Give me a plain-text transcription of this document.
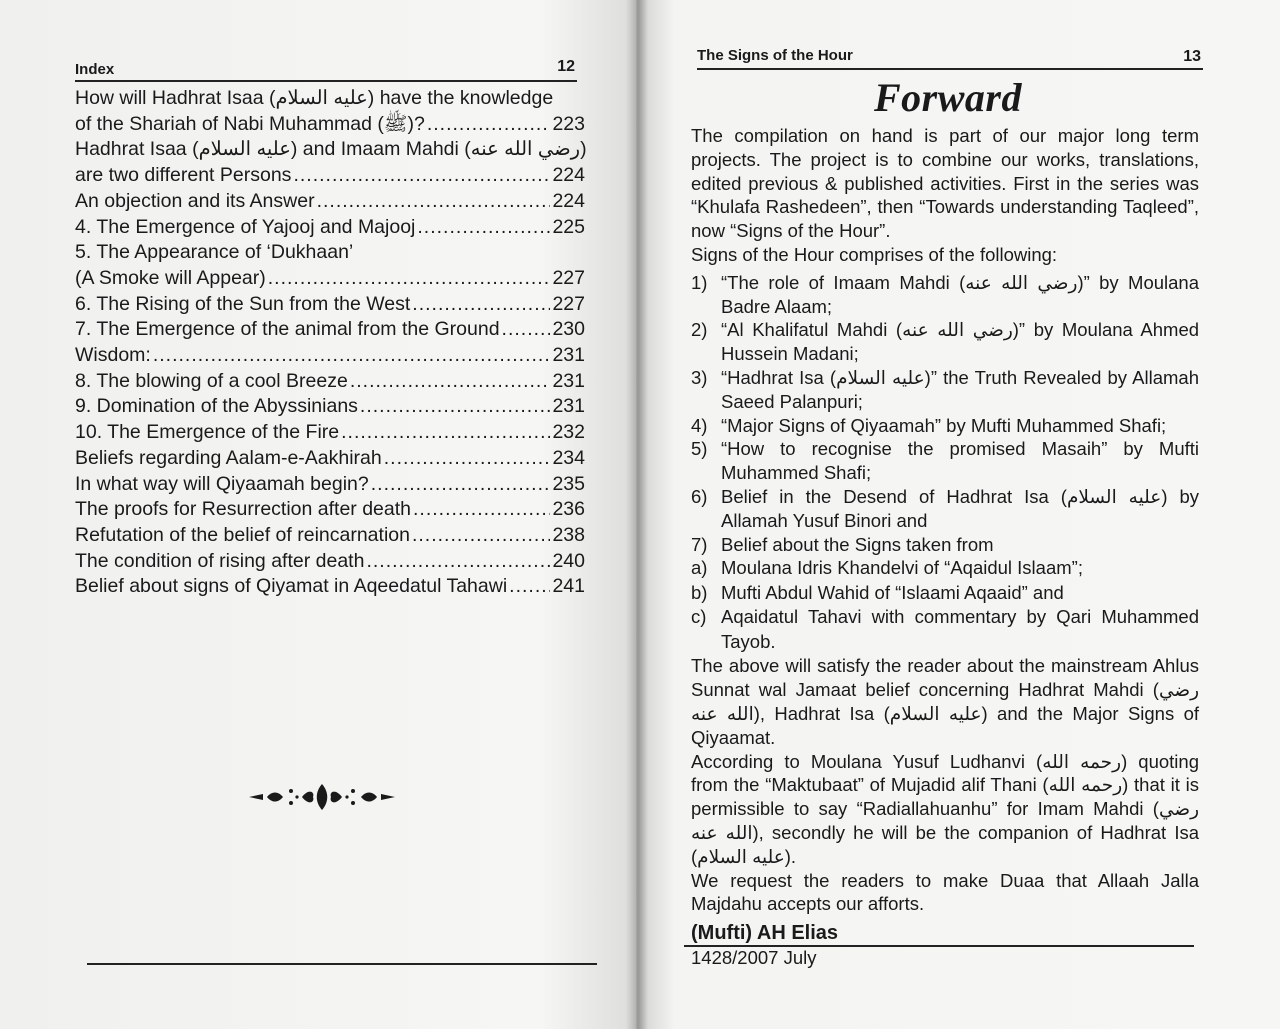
Index	12
How will Hadhrat Isaa (عليه السلام) have the knowledge
of the Shariah of Nabi Muhammad (ﷺ)? .....	223
Hadhrat Isaa (عليه السلام) and Imaam Mahdi (رضي الله عنه)
are two different Persons .....	224
An objection and its Answer .....	224
4. The Emergence of Yajooj and Majooj .....	225
5. The Appearance of ‘Dukhaan’
(A Smoke will Appear) .....	227
6. The Rising of the Sun from the West .....	227
7. The Emergence of the animal from the Ground .....	230
Wisdom: .....	231
8. The blowing of a cool Breeze .....	231
9. Domination of the Abyssinians .....	231
10. The Emergence of the Fire .....	232
Beliefs regarding Aalam-e-Aakhirah .....	234
In what way will Qiyaamah begin? .....	235
The proofs for Resurrection after death .....	236
Refutation of the belief of reincarnation .....	238
The condition of rising after death .....	240
Belief about signs of Qiyamat in Aqeedatul Tahawi ..... 241
The Signs of the Hour	13
Forward

The compilation on hand is part of our major long term projects. The project is to combine our works, translations, edited previous & published activities. First in the series was “Khulafa Rashedeen”, then “Towards understanding Taqleed”, now “Signs of the Hour”.

Signs of the Hour comprises of the following:

1) “The role of Imaam Mahdi (رضي الله عنه)” by Moulana Badre Alaam;
2) “Al Khalifatul Mahdi (رضي الله عنه)” by Moulana Ahmed Hussein Madani;
3) “Hadhrat Isa (عليه السلام)” the Truth Revealed by Allamah Saeed Palanpuri;
4) “Major Signs of Qiyaamah” by Mufti Muhammed Shafi;
5) “How to recognise the promised Masaih” by Mufti Muhammed Shafi;
6) Belief in the Desend of Hadhrat Isa (عليه السلام) by Allamah Yusuf Binori and
7) Belief about the Signs taken from
a) Moulana Idris Khandelvi of “Aqaidul Islaam”;
b) Mufti Abdul Wahid of “Islaami Aqaaid” and
c) Aqaidatul Tahavi with commentary by Qari Muhammed Tayob.

The above will satisfy the reader about the mainstream Ahlus Sunnat wal Jamaat belief concerning Hadhrat Mahdi (رضي الله عنه), Hadhrat Isa (عليه السلام) and the Major Signs of Qiyaamat.

According to Moulana Yusuf Ludhanvi (رحمه الله) quoting from the “Maktubaat” of Mujadid alif Thani (رحمه الله) that it is permissible to say “Radiallahuanhu” for Imam Mahdi (رضي الله عنه), secondly he will be the companion of Hadhrat Isa (عليه السلام).

We request the readers to make Duaa that Allaah Jalla Majdahu accepts our afforts.

(Mufti) AH Elias

1428/2007 July
